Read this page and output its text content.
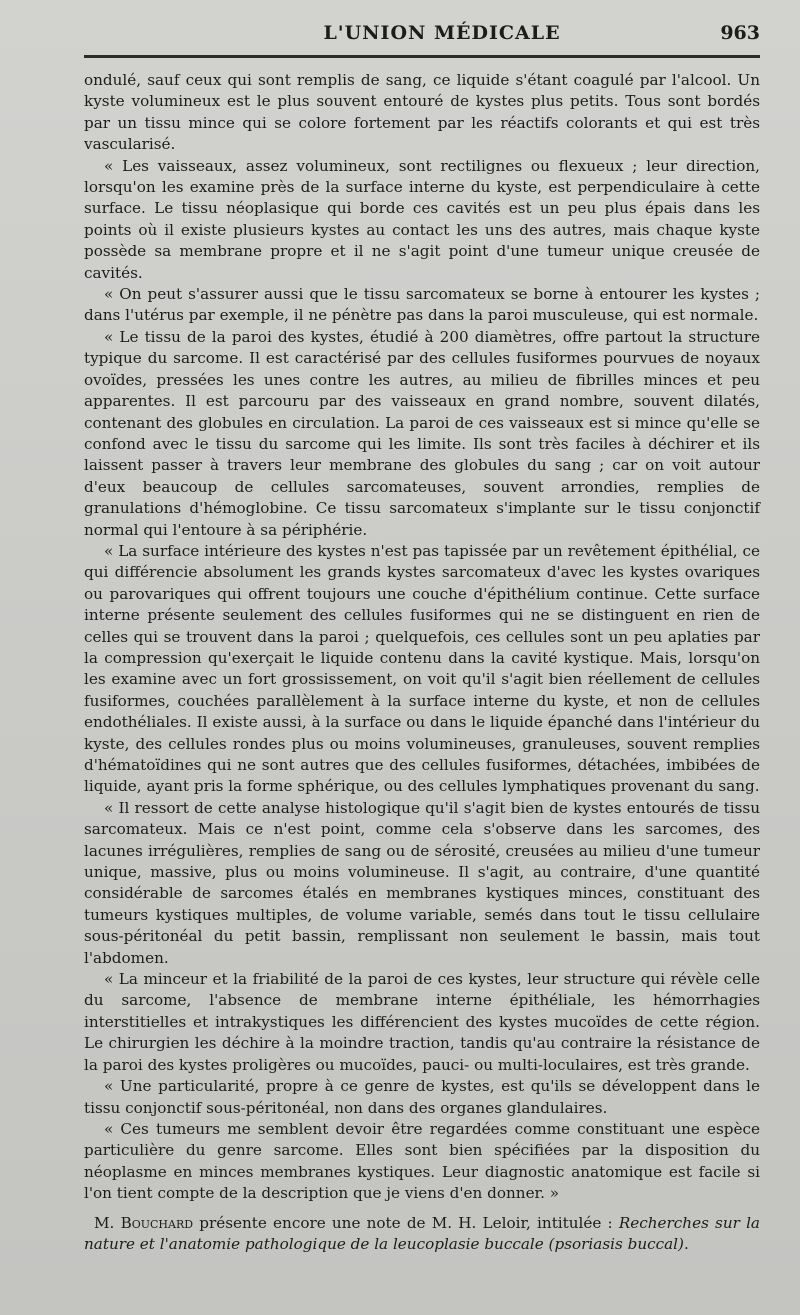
L'UNION MÉDICALE	963

ondulé, sauf ceux qui sont remplis de sang, ce liquide s'étant coagulé par l'alcool. Un kyste volumineux est le plus souvent entouré de kystes plus petits. Tous sont bordés par un tissu mince qui se colore fortement par les réactifs colorants et qui est très vascularisé.

« Les vaisseaux, assez volumineux, sont rectilignes ou flexueux ; leur direction, lorsqu'on les examine près de la surface interne du kyste, est perpendiculaire à cette surface. Le tissu néoplasique qui borde ces cavités est un peu plus épais dans les points où il existe plusieurs kystes au contact les uns des autres, mais chaque kyste possède sa membrane propre et il ne s'agit point d'une tumeur unique creusée de cavités.

« On peut s'assurer aussi que le tissu sarcomateux se borne à entourer les kystes ; dans l'utérus par exemple, il ne pénètre pas dans la paroi musculeuse, qui est normale.

« Le tissu de la paroi des kystes, étudié à 200 diamètres, offre partout la structure typique du sarcome. Il est caractérisé par des cellules fusiformes pourvues de noyaux ovoïdes, pressées les unes contre les autres, au milieu de fibrilles minces et peu apparentes. Il est parcouru par des vaisseaux en grand nombre, souvent dilatés, contenant des globules en circulation. La paroi de ces vaisseaux est si mince qu'elle se confond avec le tissu du sarcome qui les limite. Ils sont très faciles à déchirer et ils laissent passer à travers leur membrane des globules du sang ; car on voit autour d'eux beaucoup de cellules sarcomateuses, souvent arrondies, remplies de granulations d'hémoglobine. Ce tissu sarcomateux s'implante sur le tissu conjonctif normal qui l'entoure à sa périphérie.

« La surface intérieure des kystes n'est pas tapissée par un revêtement épithélial, ce qui différencie absolument les grands kystes sarcomateux d'avec les kystes ovariques ou parovariques qui offrent toujours une couche d'épithélium continue. Cette surface interne présente seulement des cellules fusiformes qui ne se distinguent en rien de celles qui se trouvent dans la paroi ; quelquefois, ces cellules sont un peu aplaties par la compression qu'exerçait le liquide contenu dans la cavité kystique. Mais, lorsqu'on les examine avec un fort grossissement, on voit qu'il s'agit bien réellement de cellules fusiformes, couchées parallèlement à la surface interne du kyste, et non de cellules endothéliales. Il existe aussi, à la surface ou dans le liquide épanché dans l'intérieur du kyste, des cellules rondes plus ou moins volumineuses, granuleuses, souvent remplies d'hématoïdines qui ne sont autres que des cellules fusiformes, détachées, imbibées de liquide, ayant pris la forme sphérique, ou des cellules lymphatiques provenant du sang.

« Il ressort de cette analyse histologique qu'il s'agit bien de kystes entourés de tissu sarcomateux. Mais ce n'est point, comme cela s'observe dans les sarcomes, des lacunes irrégulières, remplies de sang ou de sérosité, creusées au milieu d'une tumeur unique, massive, plus ou moins volumineuse. Il s'agit, au contraire, d'une quantité considérable de sarcomes étalés en membranes kystiques minces, constituant des tumeurs kystiques multiples, de volume variable, semés dans tout le tissu cellulaire sous-péritonéal du petit bassin, remplissant non seulement le bassin, mais tout l'abdomen.

« La minceur et la friabilité de la paroi de ces kystes, leur structure qui révèle celle du sarcome, l'absence de membrane interne épithéliale, les hémorrhagies interstitielles et intrakystiques les différencient des kystes mucoïdes de cette région. Le chirurgien les déchire à la moindre traction, tandis qu'au contraire la résistance de la paroi des kystes proligères ou mucoïdes, pauci- ou multi-loculaires, est très grande.

« Une particularité, propre à ce genre de kystes, est qu'ils se développent dans le tissu conjonctif sous-péritonéal, non dans des organes glandulaires.

« Ces tumeurs me semblent devoir être regardées comme constituant une espèce particulière du genre sarcome. Elles sont bien spécifiées par la disposition du néoplasme en minces membranes kystiques. Leur diagnostic anatomique est facile si l'on tient compte de la description que je viens d'en donner. »

M. Bouchard présente encore une note de M. H. Leloir, intitulée : Recherches sur la nature et l'anatomie pathologique de la leucoplasie buccale (psoriasis buccal).
